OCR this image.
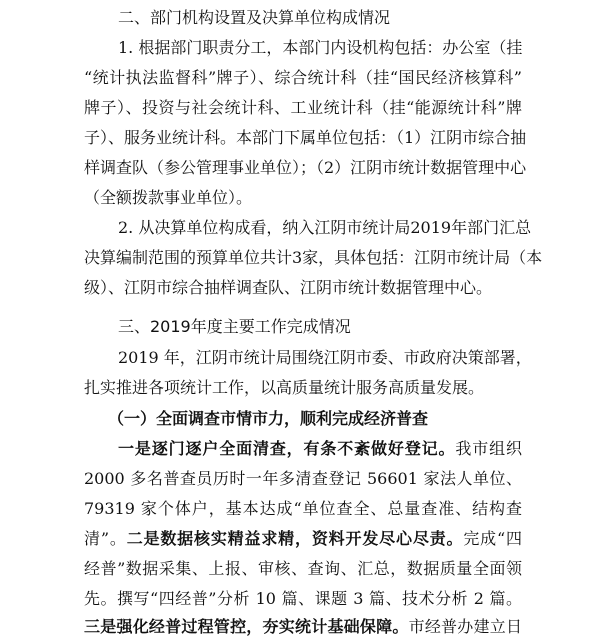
二、部门机构设置及决算单位构成情况
1. 根据部门职责分工，本部门内设机构包括：办公室（挂
“统计执法监督科”牌子）、综合统计科（挂“国民经济核算科”
牌子）、投资与社会统计科、工业统计科（挂“能源统计科”牌
子）、服务业统计科。本部门下属单位包括：（1）江阴市综合抽
样调查队（参公管理事业单位）；（2）江阴市统计数据管理中心
（全额拨款事业单位）。
2. 从决算单位构成看，纳入江阴市统计局2019年部门汇总
决算编制范围的预算单位共计3家，具体包括：江阴市统计局（本
级）、江阴市综合抽样调查队、江阴市统计数据管理中心。
三、2019年度主要工作完成情况
2019 年，江阴市统计局围绕江阴市委、市政府决策部署，
扎实推进各项统计工作，以高质量统计服务高质量发展。
（一）全面调查市情市力，顺利完成经济普查
一是逐门逐户全面清查，有条不紊做好登记。我市组织
2000 多名普查员历时一年多清查登记 56601 家法人单位、
79319 家个体户，基本达成“单位查全、总量查准、结构查
清”。二是数据核实精益求精，资料开发尽心尽责。完成“四
经普”数据采集、上报、审核、查询、汇总，数据质量全面领
先。撰写“四经普”分析 10 篇、课题 3 篇、技术分析 2 篇。
三是强化经普过程管控，夯实统计基础保障。市经普办建立日
